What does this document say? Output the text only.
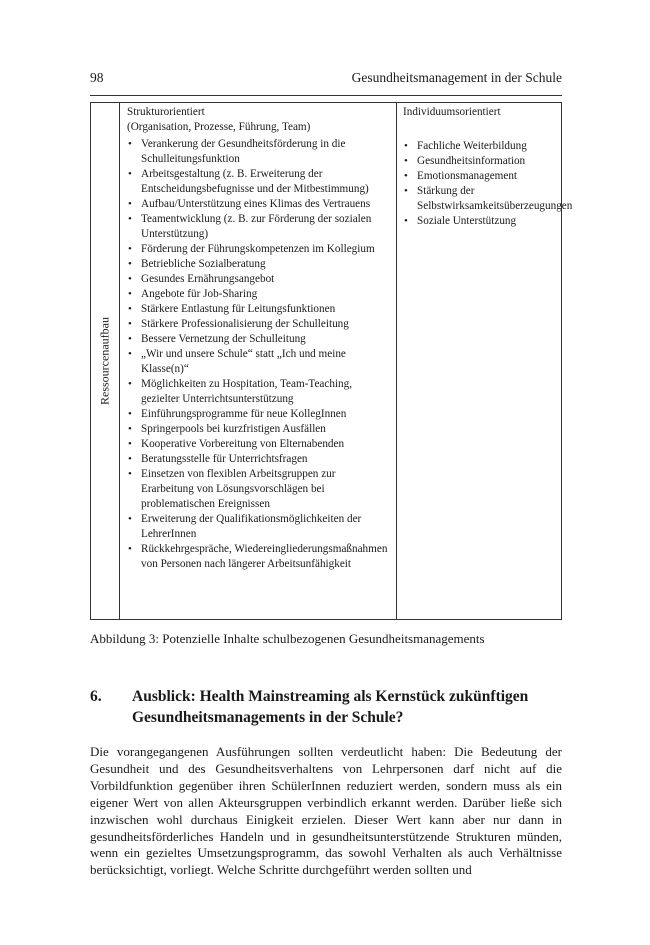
98	Gesundheitsmanagement in der Schule
Ressourcenaufbau
Strukturorientiert
(Organisation, Prozesse, Führung, Team)
• Verankerung der Gesundheitsförderung in die Schulleitungsfunktion
• Arbeitsgestaltung (z. B. Erweiterung der Entscheidungsbefugnisse und der Mitbestimmung)
• Aufbau/Unterstützung eines Klimas des Vertrauens
• Teamentwicklung (z. B. zur Förderung der sozialen Unterstützung)
• Förderung der Führungskompetenzen im Kollegium
• Betriebliche Sozialberatung
• Gesundes Ernährungsangebot
• Angebote für Job-Sharing
• Stärkere Entlastung für Leitungsfunktionen
• Stärkere Professionalisierung der Schulleitung
• Bessere Vernetzung der Schulleitung
• „Wir und unsere Schule“ statt „Ich und meine Klasse(n)“
• Möglichkeiten zu Hospitation, Team-Teaching, gezielter Unterrichtsunterstützung
• Einführungsprogramme für neue KollegInnen
• Springerpools bei kurzfristigen Ausfällen
• Kooperative Vorbereitung von Elternabenden
• Beratungsstelle für Unterrichtsfragen
• Einsetzen von flexiblen Arbeitsgruppen zur Erarbeitung von Lösungsvorschlägen bei problematischen Ereignissen
• Erweiterung der Qualifikationsmöglichkeiten der LehrerInnen
• Rückkehrgespräche, Wiedereingliederungsmaßnahmen von Personen nach längerer Arbeitsunfähigkeit
Individuumsorientiert
• Fachliche Weiterbildung
• Gesundheitsinformation
• Emotionsmanagement
• Stärkung der Selbstwirksamkeitsüberzeugungen
• Soziale Unterstützung
Abbildung 3: Potenzielle Inhalte schulbezogenen Gesundheitsmanagements
6. Ausblick: Health Mainstreaming als Kernstück zukünftigen Gesundheitsmanagements in der Schule?
Die vorangegangenen Ausführungen sollten verdeutlicht haben: Die Bedeutung der Gesundheit und des Gesundheitsverhaltens von Lehrpersonen darf nicht auf die Vorbildfunktion gegenüber ihren SchülerInnen reduziert werden, sondern muss als ein eigener Wert von allen Akteursgruppen verbindlich erkannt werden. Darüber ließe sich inzwischen wohl durchaus Einigkeit erzielen. Dieser Wert kann aber nur dann in gesundheitsförderliches Handeln und in gesundheitsunterstützende Strukturen münden, wenn ein gezieltes Umsetzungsprogramm, das sowohl Verhalten als auch Verhältnisse berücksichtigt, vorliegt. Welche Schritte durchgeführt werden sollten und
